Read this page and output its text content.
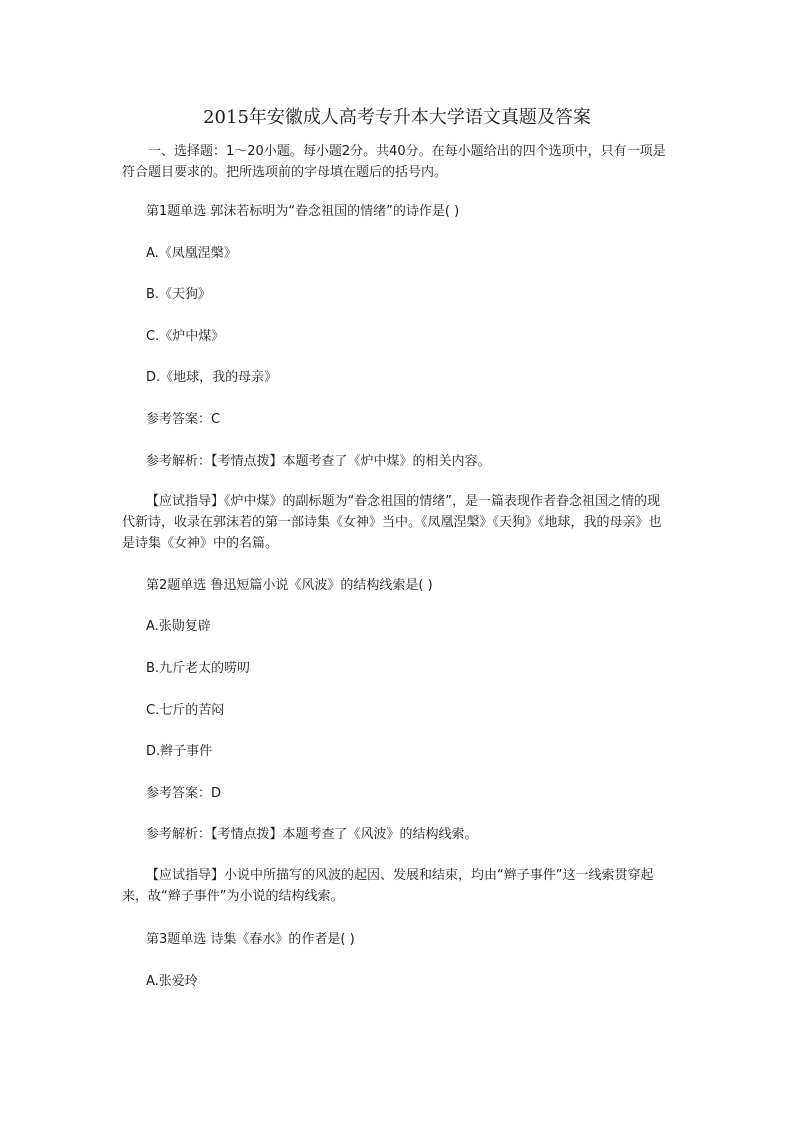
2015年安徽成人高考专升本大学语文真题及答案

一、选择题：1～20小题。每小题2分。共40分。在每小题给出的四个选项中，只有一项是符合题目要求的。把所选项前的字母填在题后的括号内。

第1题单选 郭沫若标明为“眷念祖国的情绪”的诗作是( )

A.《凤凰涅槃》

B.《天狗》

C.《炉中煤》

D.《地球，我的母亲》

参考答案：C

参考解析：【考情点拨】本题考查了《炉中煤》的相关内容。

【应试指导】《炉中煤》的副标题为“眷念祖国的情绪”，是一篇表现作者眷念祖国之情的现代新诗，收录在郭沫若的第一部诗集《女神》当中。《凤凰涅槃》《天狗》《地球，我的母亲》也是诗集《女神》中的名篇。

第2题单选 鲁迅短篇小说《风波》的结构线索是( )

A.张勋复辟

B.九斤老太的唠叨

C.七斤的苦闷

D.辫子事件

参考答案：D

参考解析：【考情点拨】本题考查了《风波》的结构线索。

【应试指导】小说中所描写的风波的起因、发展和结束，均由“辫子事件”这一线索贯穿起来，故“辫子事件”为小说的结构线索。

第3题单选 诗集《春水》的作者是( )

A.张爱玲
